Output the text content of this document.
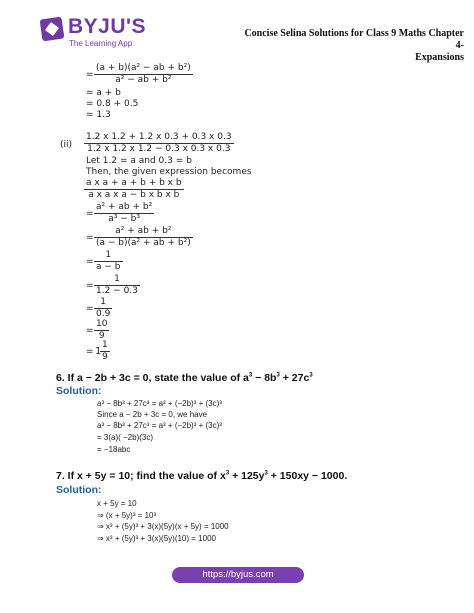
BYJU'S
The Learning App
Concise Selina Solutions for Class 9 Maths Chapter 4-
Expansions
= $\frac{\text{(a + b)(a² − ab + b²)}}{\text{a² − ab + b²}}$
= a + b
= 0.8 + 0.5
= 1.3
$(ii) \frac{1.2 x 1.2 + 1.2 x 0.3 + 0.3 x 0.3}{1.2 x 1.2 x 1.2 - 0.3 x 0.3 x 0.3}$
Let 1.2 = a and 0.3 = b
Then, the given expression becomes
$\frac{\text{a x a + a + b + b x b}}{\text{a x a x a − b x b x b}}$
= $\frac{\text{a² + ab + b²}}{\text{a³ − b³}}$
= $\frac{\text{a² + ab + b²}}{\text{(a − b)(a² + ab + b²)}}$
= $\frac{1}{a - b}$
= $\frac{1}{1.2 - 0.3}$
= $\frac{1}{0.9}$
= $\frac{10}{9}$
= 1
$\frac{1}{9}$
6. If a − 2b + 3c = 0, state the value of $a^3 - 8b^3 + 27c^3$
Solution:
a³ − 8b³ + 27c³ = a³ + (−2b)³ + (3c)³
Since a − 2b + 3c = 0, we have
a³ − 8b³ + 27c³ = a³ + (−2b)³ + (3c)³
= 3(a)( −2b)(3c)
= −18abc
7. If x + 5y = 10; find the value of $x^3 + 125y^3 + 150xy - 1000$.
Solution:
x + 5y = 10
⇒ (x + 5y)³ = 10³
⇒ x³ + (5y)³ + 3(x)(5y)(x + 5y) = 1000
⇒ x³ + (5y)³ + 3(x)(5y)(10) = 1000
https://byjus.com
